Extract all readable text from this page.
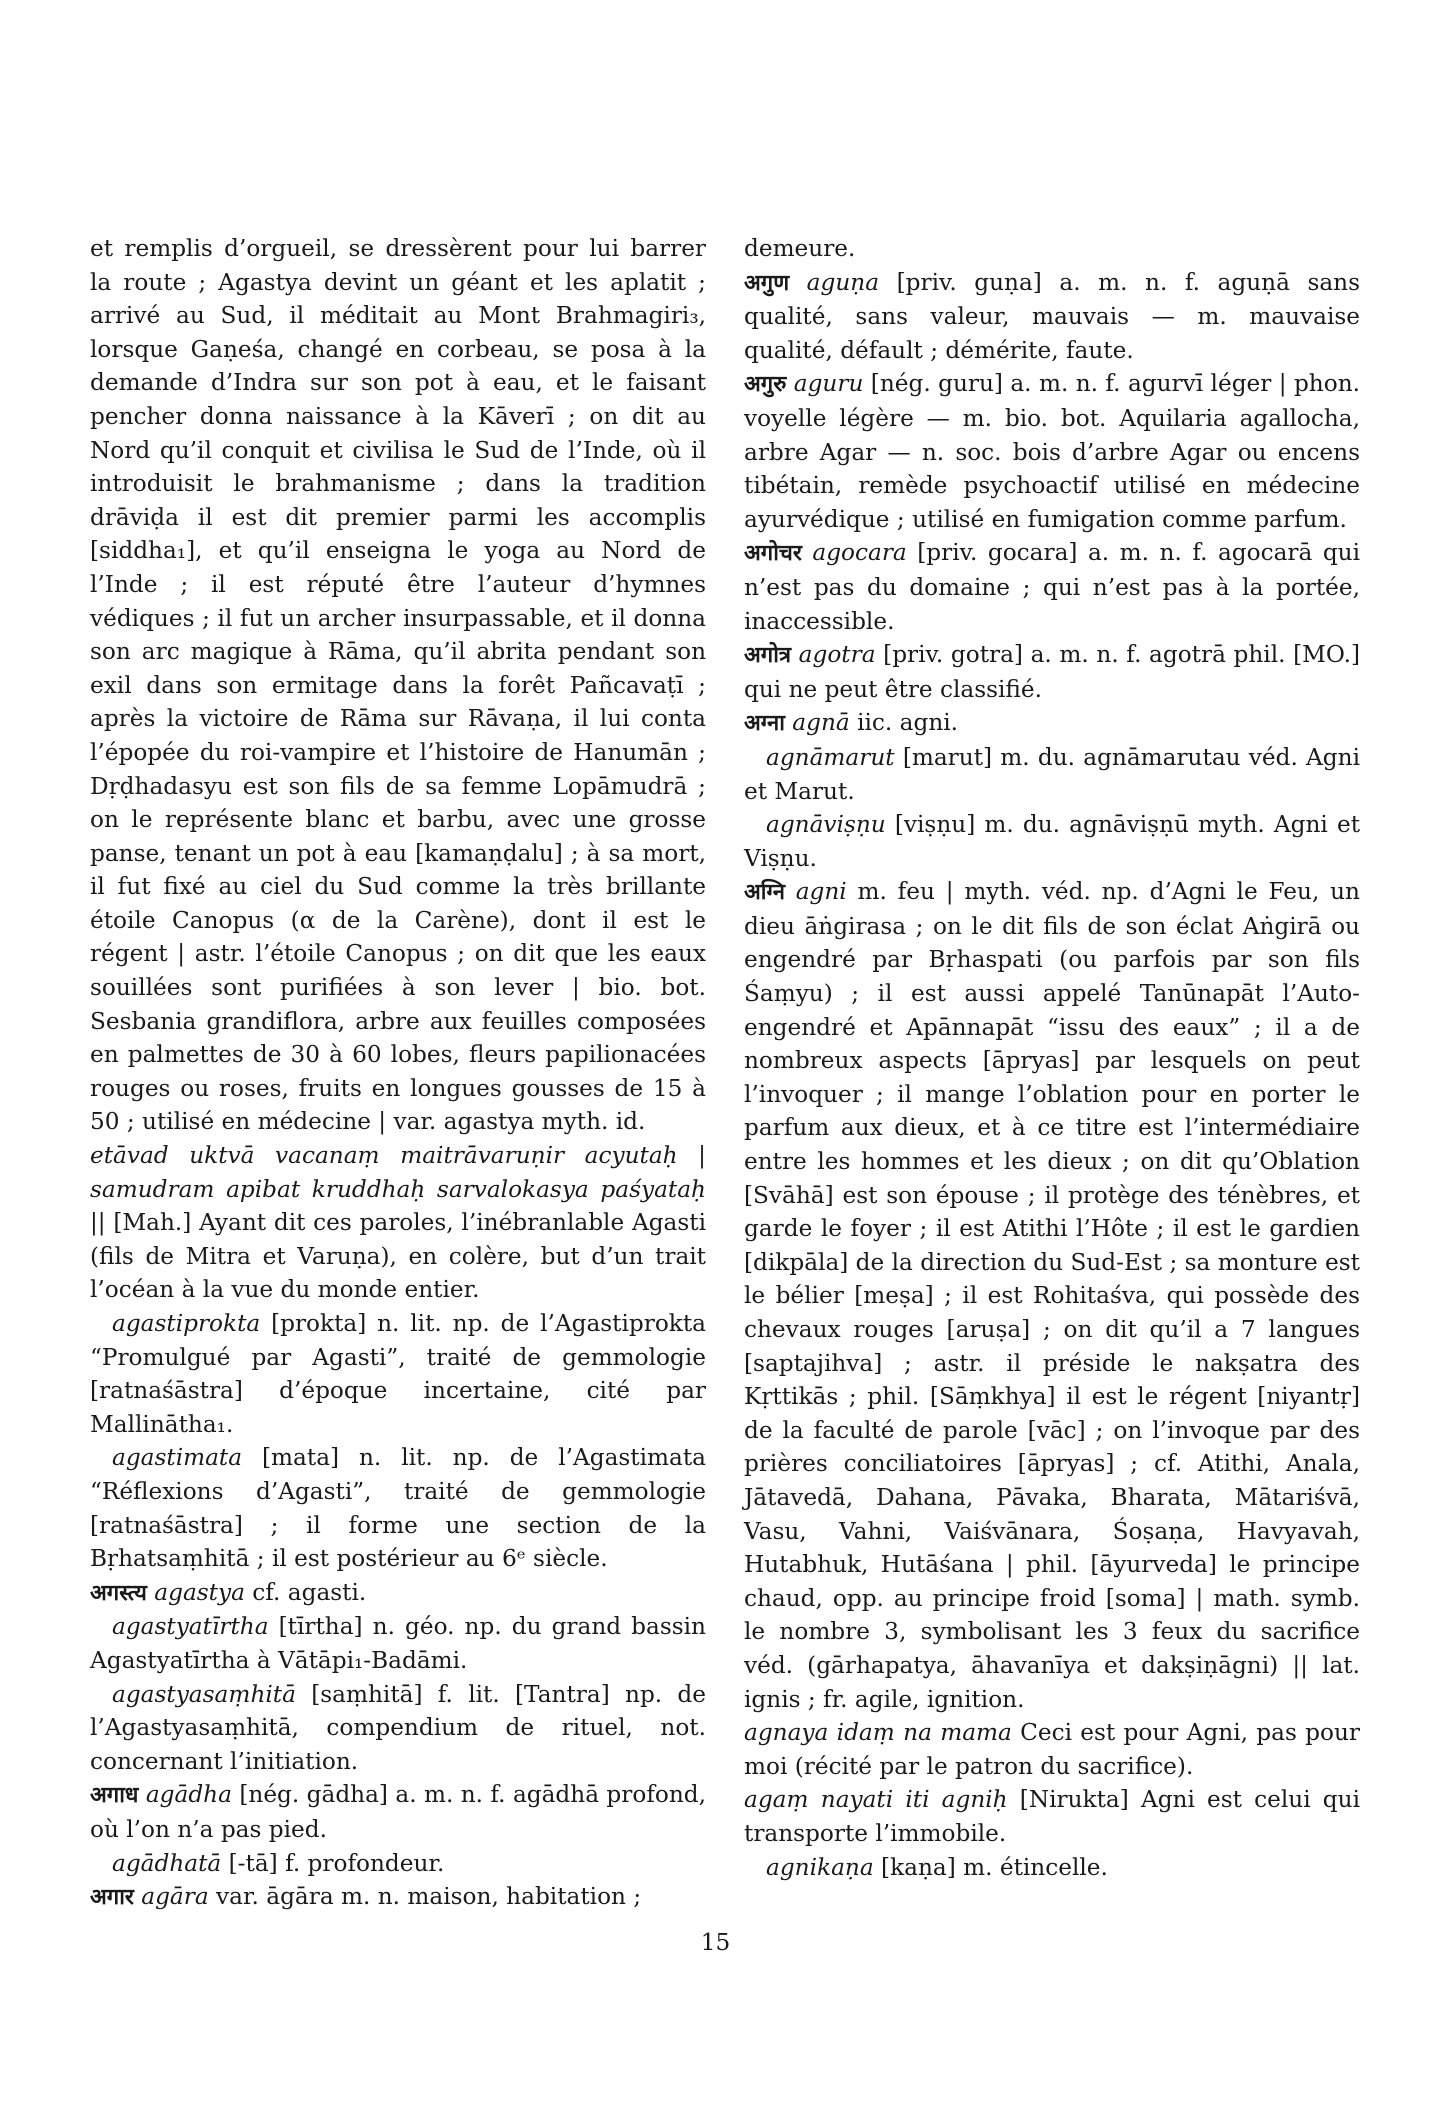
et remplis d’orgueil, se dressèrent pour lui barrer la route ; Agastya devint un géant et les aplatit ; arrivé au Sud, il méditait au Mont Brahmagiri₃, lorsque Gaṇeśa, changé en corbeau, se posa à la demande d’Indra sur son pot à eau, et le faisant pencher donna naissance à la Kāverī ; on dit au Nord qu’il conquit et civilisa le Sud de l’Inde, où il introduisit le brahmanisme ; dans la tradition drāviḍa il est dit premier parmi les accomplis [siddha₁], et qu’il enseigna le yoga au Nord de l’Inde ; il est réputé être l’auteur d’hymnes védiques ; il fut un archer insurpassable, et il donna son arc magique à Rāma, qu’il abrita pendant son exil dans son ermitage dans la forêt Pañcavaṭī ; après la victoire de Rāma sur Rāvaṇa, il lui conta l’épopée du roi-vampire et l’histoire de Hanumān ; Dṛḍhadasyu est son fils de sa femme Lopāmudrā ; on le représente blanc et barbu, avec une grosse panse, tenant un pot à eau [kamaṇḍalu] ; à sa mort, il fut fixé au ciel du Sud comme la très brillante étoile Canopus (α de la Carène), dont il est le régent | astr. l’étoile Canopus ; on dit que les eaux souillées sont purifiées à son lever | bio. bot. Sesbania grandiflora, arbre aux feuilles composées en palmettes de 30 à 60 lobes, fleurs papilionacées rouges ou roses, fruits en longues gousses de 15 à 50 ; utilisé en médecine | var. agastya myth. id.

etāvad uktvā vacanaṃ maitrāvaruṇir acyutaḥ | samudram apibat kruddhaḥ sarvalokasya paśyataḥ || [Mah.] Ayant dit ces paroles, l’inébranlable Agasti (fils de Mitra et Varuṇa), en colère, but d’un trait l’océan à la vue du monde entier.

agastiprokta [prokta] n. lit. np. de l’Agastiprokta “Promulgué par Agasti”, traité de gemmologie [ratnaśāstra] d’époque incertaine, cité par Mallinātha₁.

agastimata [mata] n. lit. np. de l’Agastimata “Réflexions d’Agasti”, traité de gemmologie [ratnaśāstra] ; il forme une section de la Bṛhatsaṃhitā ; il est postérieur au 6ᵉ siècle.

अगस्त्य agastya cf. agasti.

agastyatīrtha [tīrtha] n. géo. np. du grand bassin Agastyatīrtha à Vātāpi₁-Badāmi.

agastyasaṃhitā [saṃhitā] f. lit. [Tantra] np. de l’Agastyasaṃhitā, compendium de rituel, not. concernant l’initiation.

अगाध agādha [nég. gādha] a. m. n. f. agādhā profond, où l’on n’a pas pied.

agādhatā [-tā] f. profondeur.

अगार agāra var. āgāra m. n. maison, habitation ;

demeure.

अगुण aguṇa [priv. guṇa] a. m. n. f. aguṇā sans qualité, sans valeur, mauvais — m. mauvaise qualité, défault ; démérite, faute.

अगुरु aguru [nég. guru] a. m. n. f. agurvī léger | phon. voyelle légère — m. bio. bot. Aquilaria agallocha, arbre Agar — n. soc. bois d’arbre Agar ou encens tibétain, remède psychoactif utilisé en médecine ayurvédique ; utilisé en fumigation comme parfum.

अगोचर agocara [priv. gocara] a. m. n. f. agocarā qui n’est pas du domaine ; qui n’est pas à la portée, inaccessible.

अगोत्र agotra [priv. gotra] a. m. n. f. agotrā phil. [MO.] qui ne peut être classifié.

अग्ना agnā iic. agni.

agnāmarut [marut] m. du. agnāmarutau véd. Agni et Marut.

agnāviṣṇu [viṣṇu] m. du. agnāviṣṇū myth. Agni et Viṣṇu.

अग्नि agni m. feu | myth. véd. np. d’Agni le Feu, un dieu āṅgirasa ; on le dit fils de son éclat Aṅgirā ou engendré par Bṛhaspati (ou parfois par son fils Śaṃyu) ; il est aussi appelé Tanūnapāt l’Auto-engendré et Apānnapāt “issu des eaux” ; il a de nombreux aspects [āpryas] par lesquels on peut l’invoquer ; il mange l’oblation pour en porter le parfum aux dieux, et à ce titre est l’intermédiaire entre les hommes et les dieux ; on dit qu’Oblation [Svāhā] est son épouse ; il protège des ténèbres, et garde le foyer ; il est Atithi l’Hôte ; il est le gardien [dikpāla] de la direction du Sud-Est ; sa monture est le bélier [meṣa] ; il est Rohitaśva, qui possède des chevaux rouges [aruṣa] ; on dit qu’il a 7 langues [saptajihva] ; astr. il préside le nakṣatra des Kṛttikās ; phil. [Sāṃkhya] il est le régent [niyantṛ] de la faculté de parole [vāc] ; on l’invoque par des prières conciliatoires [āpryas] ; cf. Atithi, Anala, Jātavedā, Dahana, Pāvaka, Bharata, Mātariśvā, Vasu, Vahni, Vaiśvānara, Śoṣaṇa, Havyavah, Hutabhuk, Hutāśana | phil. [āyurveda] le principe chaud, opp. au principe froid [soma] | math. symb. le nombre 3, symbolisant les 3 feux du sacrifice véd. (gārhapatya, āhavanīya et dakṣiṇāgni) || lat. ignis ; fr. agile, ignition.

agnaya idaṃ na mama Ceci est pour Agni, pas pour moi (récité par le patron du sacrifice).

agaṃ nayati iti agniḥ [Nirukta] Agni est celui qui transporte l’immobile.

agnikaṇa [kaṇa] m. étincelle.

15
